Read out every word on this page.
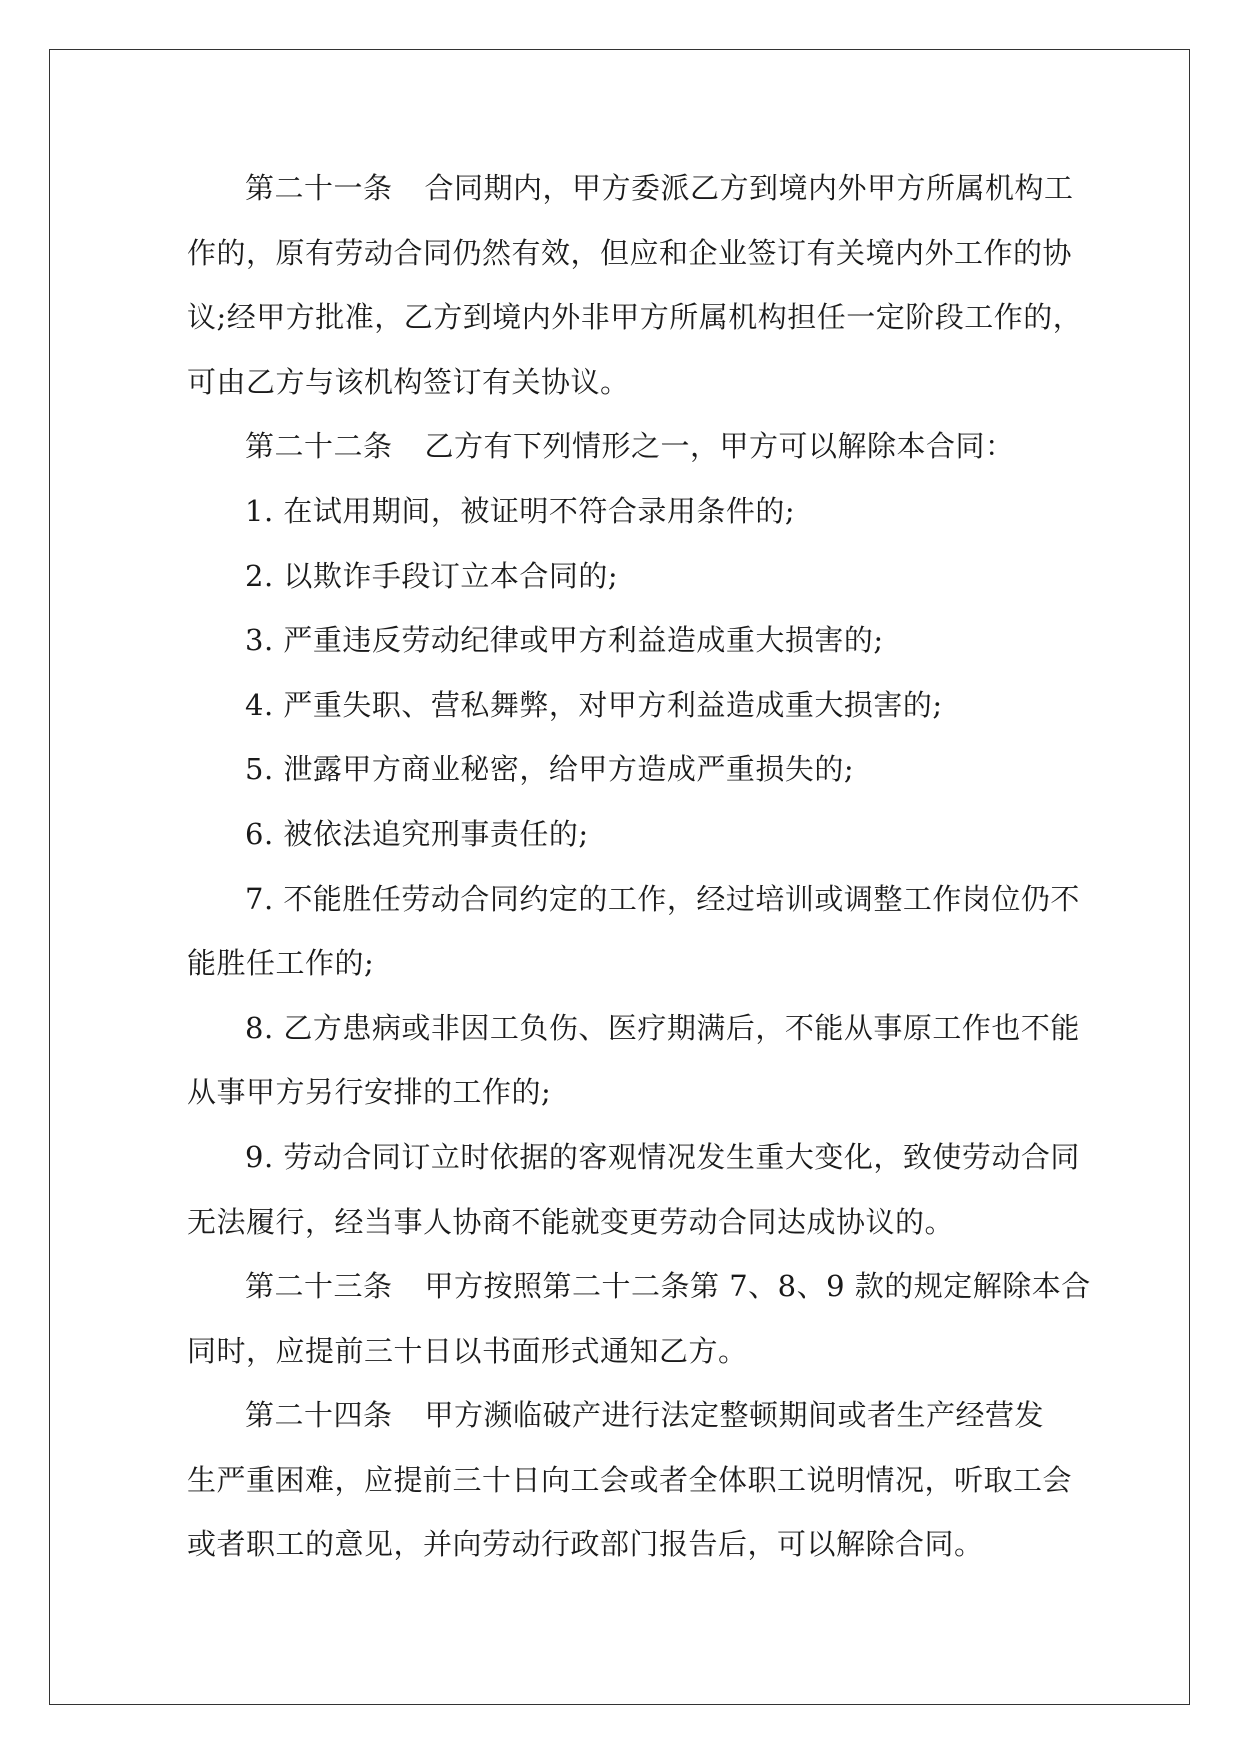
第二十一条 合同期内，甲方委派乙方到境内外甲方所属机构工
作的，原有劳动合同仍然有效，但应和企业签订有关境内外工作的协
议;经甲方批准，乙方到境内外非甲方所属机构担任一定阶段工作的，
可由乙方与该机构签订有关协议。
第二十二条 乙方有下列情形之一，甲方可以解除本合同：
1. 在试用期间，被证明不符合录用条件的;
2. 以欺诈手段订立本合同的;
3. 严重违反劳动纪律或甲方利益造成重大损害的;
4. 严重失职、营私舞弊，对甲方利益造成重大损害的;
5. 泄露甲方商业秘密，给甲方造成严重损失的;
6. 被依法追究刑事责任的;
7. 不能胜任劳动合同约定的工作，经过培训或调整工作岗位仍不
能胜任工作的;
8. 乙方患病或非因工负伤、医疗期满后，不能从事原工作也不能
从事甲方另行安排的工作的;
9. 劳动合同订立时依据的客观情况发生重大变化，致使劳动合同
无法履行，经当事人协商不能就变更劳动合同达成协议的。
第二十三条 甲方按照第二十二条第 7、8、9 款的规定解除本合
同时，应提前三十日以书面形式通知乙方。
第二十四条 甲方濒临破产进行法定整顿期间或者生产经营发
生严重困难，应提前三十日向工会或者全体职工说明情况，听取工会
或者职工的意见，并向劳动行政部门报告后，可以解除合同。
